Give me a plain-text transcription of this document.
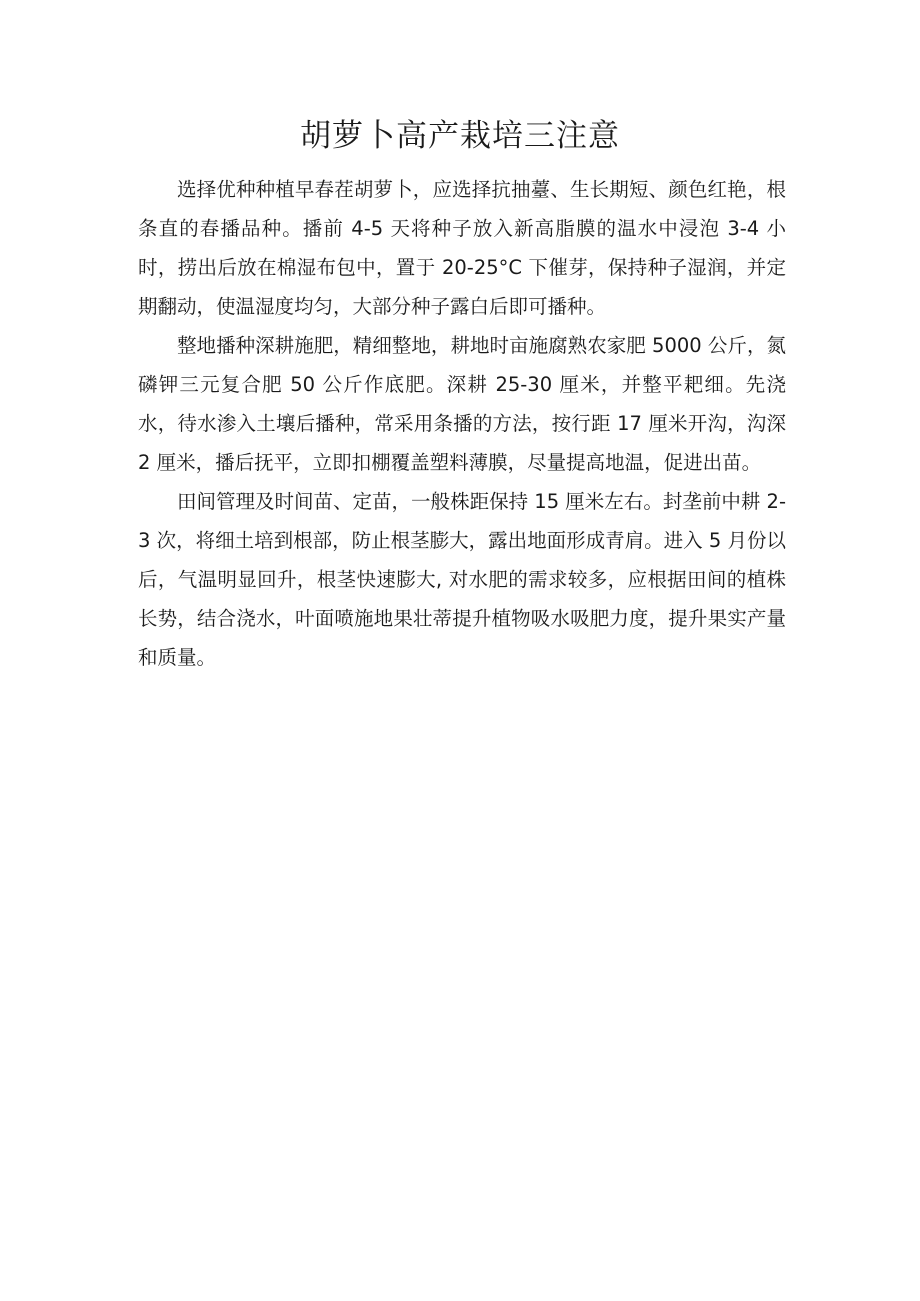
胡萝卜高产栽培三注意

选择优种种植早春茬胡萝卜，应选择抗抽薹、生长期短、颜色红艳，根条直的春播品种。播前 4-5 天将种子放入新高脂膜的温水中浸泡 3-4 小时，捞出后放在棉湿布包中，置于 20-25°C 下催芽，保持种子湿润，并定期翻动，使温湿度均匀，大部分种子露白后即可播种。

整地播种深耕施肥，精细整地，耕地时亩施腐熟农家肥 5000 公斤，氮磷钾三元复合肥 50 公斤作底肥。深耕 25-30 厘米，并整平耙细。先浇水，待水渗入土壤后播种，常采用条播的方法，按行距 17 厘米开沟，沟深 2 厘米，播后抚平，立即扣棚覆盖塑料薄膜，尽量提高地温，促进出苗。

田间管理及时间苗、定苗，一般株距保持 15 厘米左右。封垄前中耕 2-3 次，将细土培到根部，防止根茎膨大，露出地面形成青肩。进入 5 月份以后，气温明显回升，根茎快速膨大, 对水肥的需求较多，应根据田间的植株长势，结合浇水，叶面喷施地果壮蒂提升植物吸水吸肥力度，提升果实产量和质量。
